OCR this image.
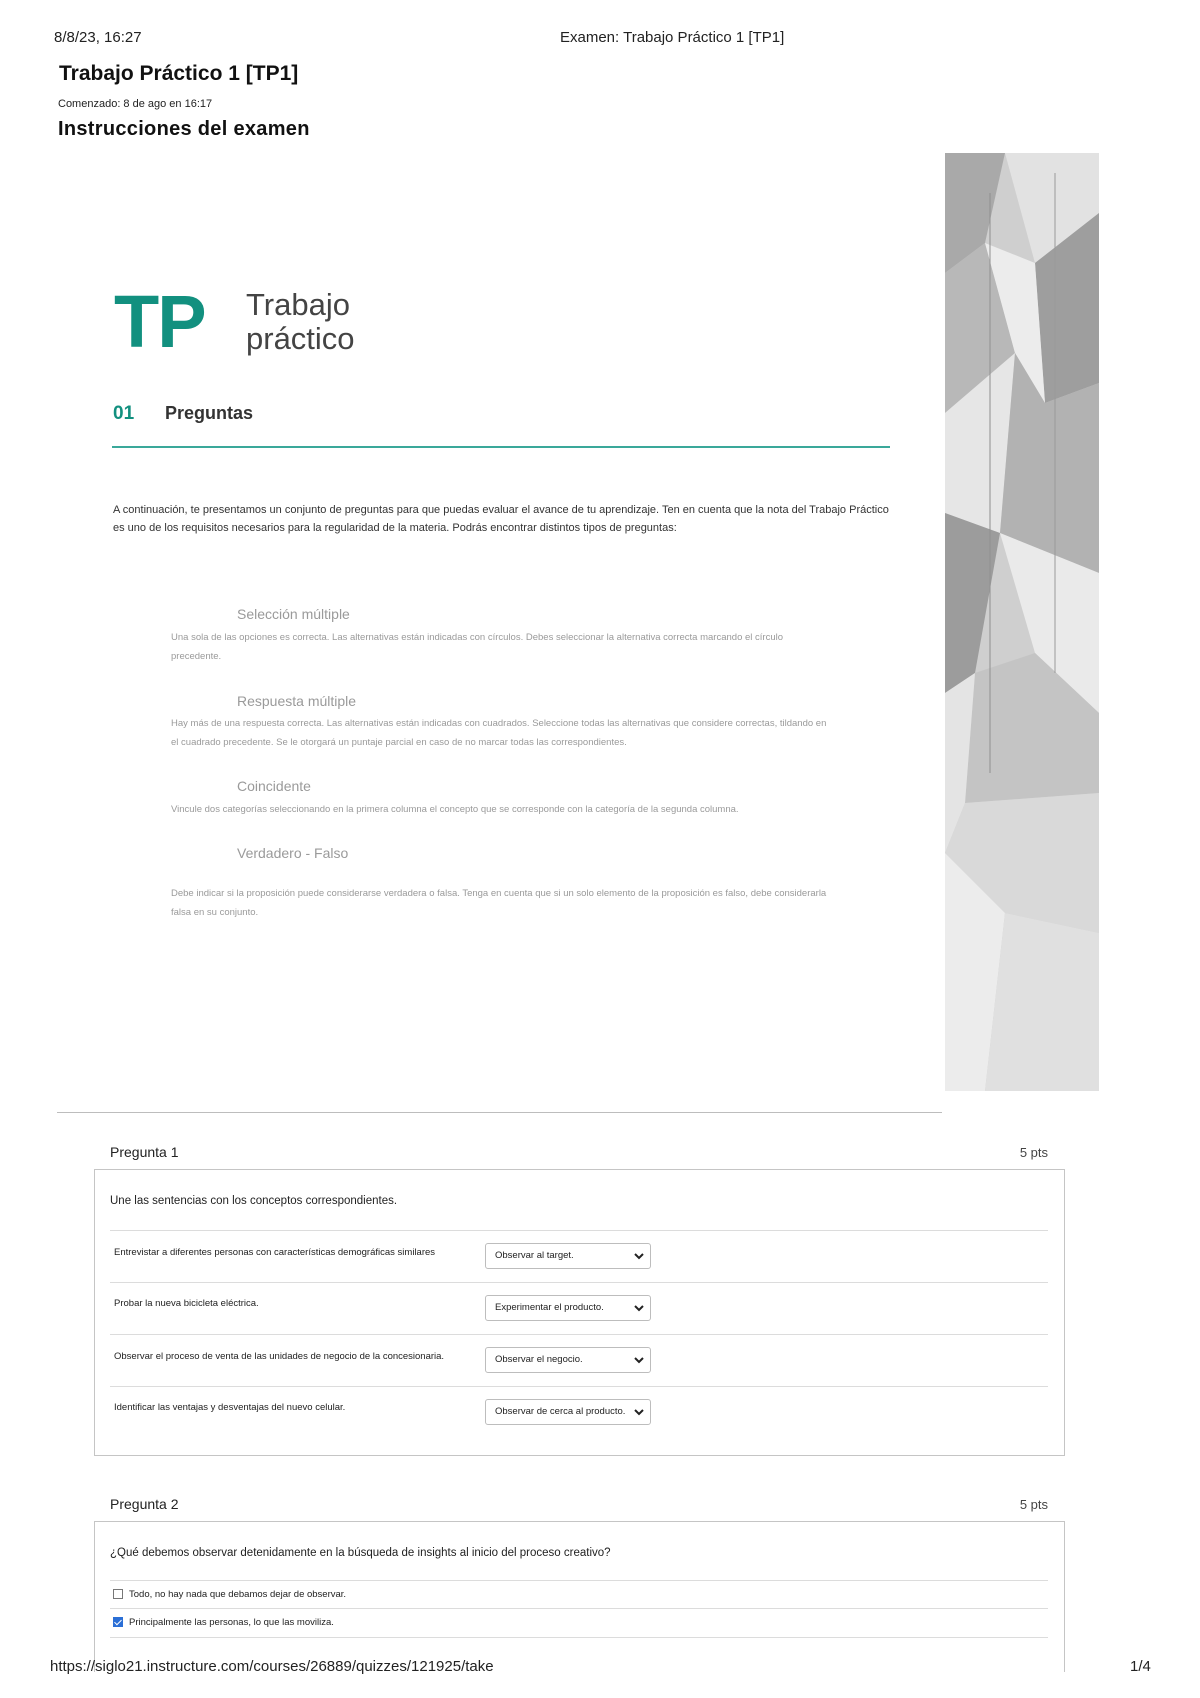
8/8/23, 16:27	Examen: Trabajo Práctico 1 [TP1]
Trabajo Práctico 1 [TP1]
Comenzado: 8 de ago en 16:17
Instrucciones del examen
TP Trabajo
práctico
01 Preguntas
A continuación, te presentamos un conjunto de preguntas para que puedas evaluar el avance de tu aprendizaje. Ten en cuenta que la nota del Trabajo Práctico es uno de los requisitos necesarios para la regularidad de la materia. Podrás encontrar distintos tipos de preguntas:
Selección múltiple
Una sola de las opciones es correcta. Las alternativas están indicadas con círculos. Debes seleccionar la alternativa correcta marcando el círculo precedente.
Respuesta múltiple
Hay más de una respuesta correcta. Las alternativas están indicadas con cuadrados. Seleccione todas las alternativas que considere correctas, tildando en el cuadrado precedente. Se le otorgará un puntaje parcial en caso de no marcar todas las correspondientes.
Coincidente
Vincule dos categorías seleccionando en la primera columna el concepto que se corresponde con la categoría de la segunda columna.
Verdadero - Falso
Debe indicar si la proposición puede considerarse verdadera o falsa. Tenga en cuenta que si un solo elemento de la proposición es falso, debe considerarla falsa en su conjunto.
Pregunta 1	5 pts
Une las sentencias con los conceptos correspondientes.
Entrevistar a diferentes personas con características demográficas similares	Observar al target.
Probar la nueva bicicleta eléctrica.	Experimentar el producto.
Observar el proceso de venta de las unidades de negocio de la concesionaria.	Observar el negocio.
Identificar las ventajas y desventajas del nuevo celular.	Observar de cerca al producto.
Pregunta 2	5 pts
¿Qué debemos observar detenidamente en la búsqueda de insights al inicio del proceso creativo?
Todo, no hay nada que debamos dejar de observar.
Principalmente las personas, lo que las moviliza.
https://siglo21.instructure.com/courses/26889/quizzes/121925/take	1/4
